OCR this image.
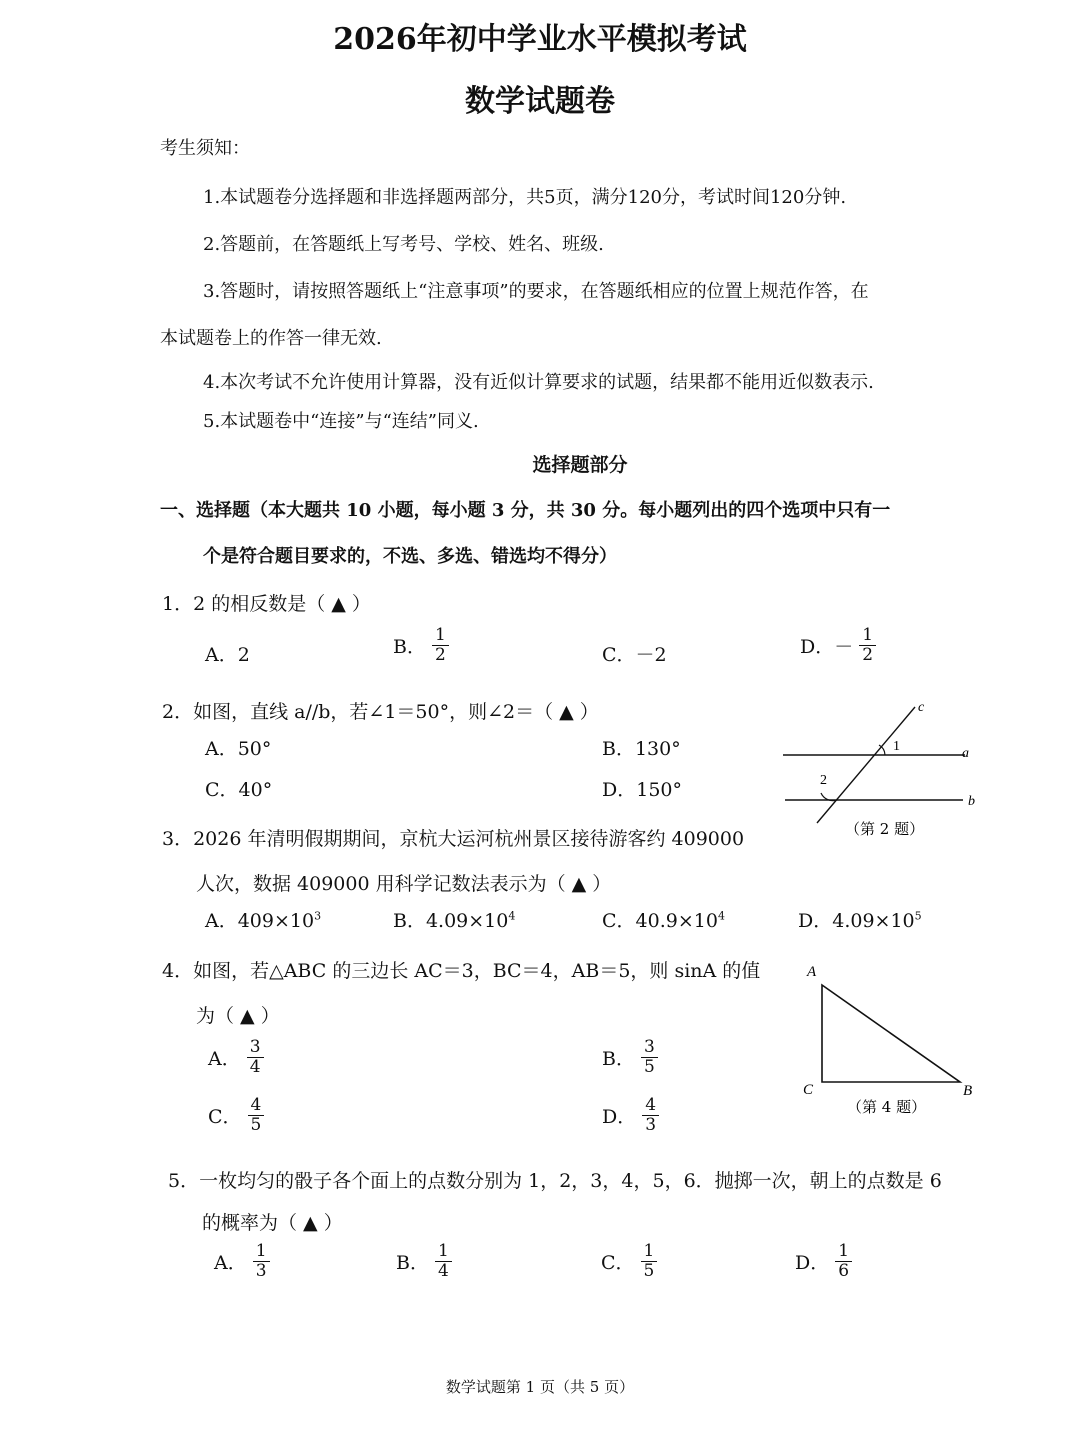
2026年初中学业水平模拟考试
数学试题卷
考生须知：
1.本试题卷分选择题和非选择题两部分，共5页，满分120分，考试时间120分钟.
2.答题前，在答题纸上写考号、学校、姓名、班级.
3.答题时，请按照答题纸上“注意事项”的要求，在答题纸相应的位置上规范作答，在
本试题卷上的作答一律无效.
4.本次考试不允许使用计算器，没有近似计算要求的试题，结果都不能用近似数表示.
5.本试题卷中“连接”与“连结”同义.
选择题部分
一、选择题（本大题共 10 小题，每小题 3 分，共 30 分。每小题列出的四个选项中只有一
个是符合题目要求的，不选、多选、错选均不得分）
1．2 的相反数是（ ▲ ）
A．2	B． $\frac{1}{2}$	C．－2	D．－ $\frac{1}{2}$
2．如图，直线 a//b，若∠1＝50°，则∠2＝（ ▲ ）
A．50°	B．130°
C．40°	D．150°
c
a
b
1
2
（第 2 题）
3．2026 年清明假期期间，京杭大运河杭州景区接待游客约 409000
人次，数据 409000 用科学记数法表示为（ ▲ ）
A．$409\times 10^3$	B．$4.09\times 10^4$	C．$40.9\times 10^4$	D．$4.09\times 10^5$
4．如图，若△ABC 的三边长 AC＝3，BC＝4，AB＝5，则 sinA 的值
为（ ▲ ）
A． $\frac{3}{4}$	B． $\frac{3}{5}$
C． $\frac{4}{5}$	D． $\frac{4}{3}$
A
C	B
（第 4 题）
5．一枚均匀的骰子各个面上的点数分别为 1，2，3，4，5，6．抛掷一次，朝上的点数是 6
的概率为（ ▲ ）
A． $\frac{1}{3}$	B． $\frac{1}{4}$	C． $\frac{1}{5}$	D． $\frac{1}{6}$
数学试题第 1 页（共 5 页）
